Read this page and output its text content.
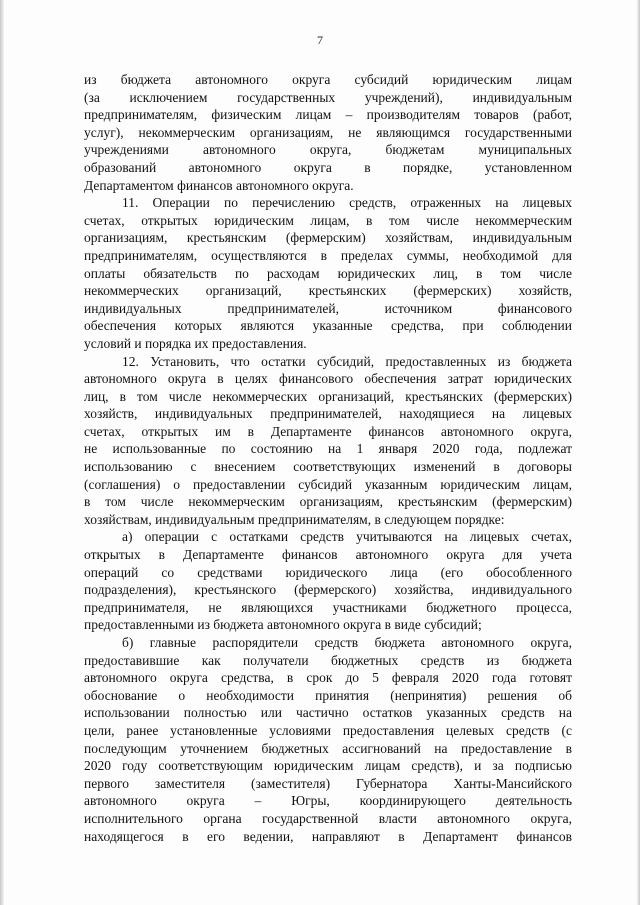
7
из бюджета автономного округа субсидий юридическим лицам
(за исключением государственных учреждений), индивидуальным
предпринимателям, физическим лицам – производителям товаров (работ,
услуг), некоммерческим организациям, не являющимся государственными
учреждениями автономного округа, бюджетам муниципальных
образований автономного округа в порядке, установленном
Департаментом финансов автономного округа.
11. Операции по перечислению средств, отраженных на лицевых
счетах, открытых юридическим лицам, в том числе некоммерческим
организациям, крестьянским (фермерским) хозяйствам, индивидуальным
предпринимателям, осуществляются в пределах суммы, необходимой для
оплаты обязательств по расходам юридических лиц, в том числе
некоммерческих организаций, крестьянских (фермерских) хозяйств,
индивидуальных предпринимателей, источником финансового
обеспечения которых являются указанные средства, при соблюдении
условий и порядка их предоставления.
12. Установить, что остатки субсидий, предоставленных из бюджета
автономного округа в целях финансового обеспечения затрат юридических
лиц, в том числе некоммерческих организаций, крестьянских (фермерских)
хозяйств, индивидуальных предпринимателей, находящиеся на лицевых
счетах, открытых им в Департаменте финансов автономного округа,
не использованные по состоянию на 1 января 2020 года, подлежат
использованию с внесением соответствующих изменений в договоры
(соглашения) о предоставлении субсидий указанным юридическим лицам,
в том числе некоммерческим организациям, крестьянским (фермерским)
хозяйствам, индивидуальным предпринимателям, в следующем порядке:
а) операции с остатками средств учитываются на лицевых счетах,
открытых в Департаменте финансов автономного округа для учета
операций со средствами юридического лица (его обособленного
подразделения), крестьянского (фермерского) хозяйства, индивидуального
предпринимателя, не являющихся участниками бюджетного процесса,
предоставленными из бюджета автономного округа в виде субсидий;
б) главные распорядители средств бюджета автономного округа,
предоставившие как получатели бюджетных средств из бюджета
автономного округа средства, в срок до 5 февраля 2020 года готовят
обоснование о необходимости принятия (непринятия) решения об
использовании полностью или частично остатков указанных средств на
цели, ранее установленные условиями предоставления целевых средств (с
последующим уточнением бюджетных ассигнований на предоставление в
2020 году соответствующим юридическим лицам средств), и за подписью
первого заместителя (заместителя) Губернатора Ханты-Мансийского
автономного округа – Югры, координирующего деятельность
исполнительного органа государственной власти автономного округа,
находящегося в его ведении, направляют в Департамент финансов
